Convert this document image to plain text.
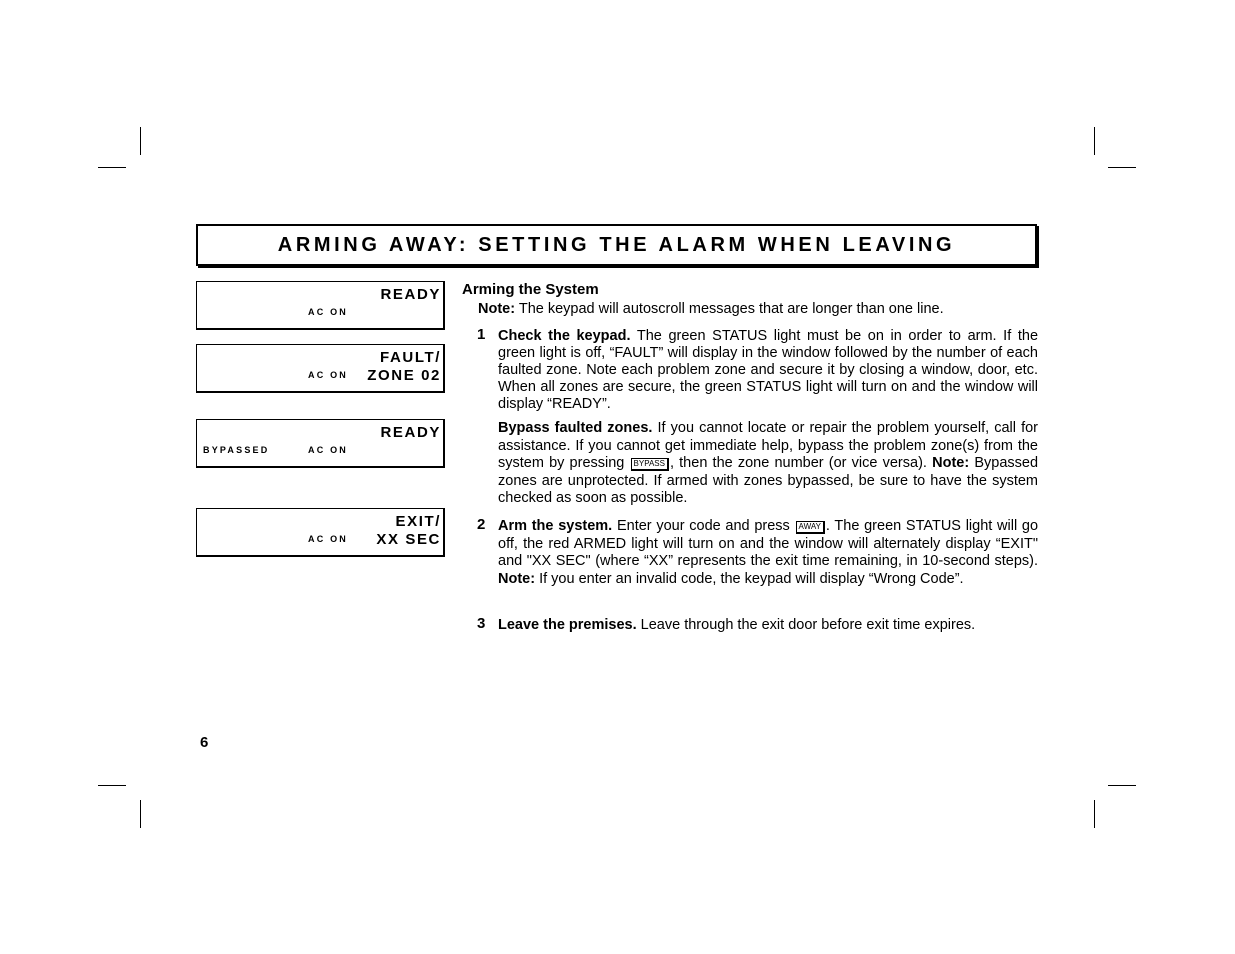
ARMING AWAY: SETTING THE ALARM WHEN LEAVING
READY
AC ON
FAULT/
ZONE 02
AC ON
READY
BYPASSED	AC ON
EXIT/
XX SEC
AC ON
Arming the System
Note: The keypad will autoscroll messages that are longer than one line.
1 Check the keypad. The green STATUS light must be on in order to arm. If the green light is off, “FAULT” will display in the window followed by the number of each faulted zone. Note each problem zone and secure it by closing a window, door, etc. When all zones are secure, the green STATUS light will turn on and the window will display “READY”.
Bypass faulted zones. If you cannot locate or repair the problem yourself, call for assistance. If you cannot get immediate help, bypass the problem zone(s) from the system by pressing BYPASS , then the zone number (or vice versa). Note: Bypassed zones are unprotected. If armed with zones bypassed, be sure to have the system checked as soon as possible.
2 Arm the system. Enter your code and press AWAY . The green STATUS light will go off, the red ARMED light will turn on and the window will alternately display “EXIT" and "XX SEC" (where “XX” represents the exit time remaining, in 10-second steps). Note: If you enter an invalid code, the keypad will display “Wrong Code”.
3 Leave the premises. Leave through the exit door before exit time expires.
6
